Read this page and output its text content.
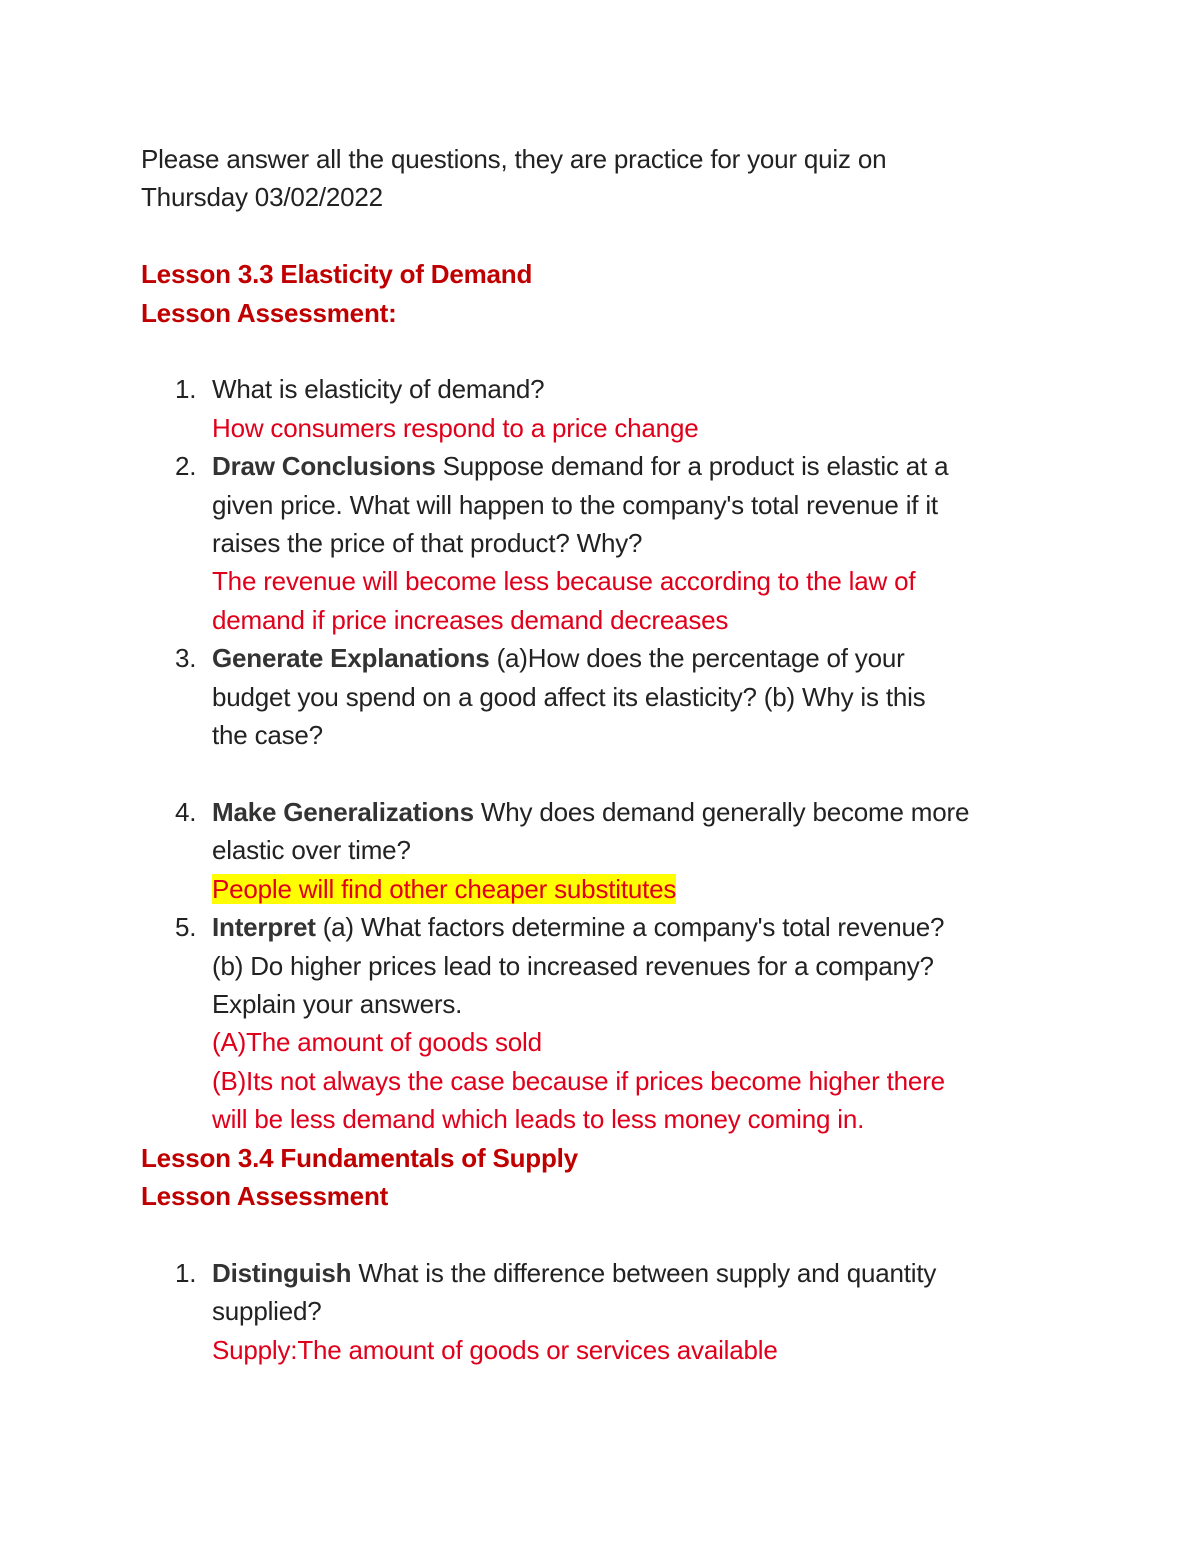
Please answer all the questions, they are practice for your quiz on
Thursday 03/02/2022

Lesson 3.3 Elasticity of Demand

Lesson Assessment:

1. What is elasticity of demand?
How consumers respond to a price change
2. Draw Conclusions Suppose demand for a product is elastic at a
given price. What will happen to the company's total revenue if it
raises the price of that product? Why?
The revenue will become less because according to the law of
demand if price increases demand decreases
3. Generate Explanations (a)How does the percentage of your
budget you spend on a good affect its elasticity? (b) Why is this
the case?

4. Make Generalizations Why does demand generally become more
elastic over time?
People will find other cheaper substitutes
5. Interpret (a) What factors determine a company's total revenue?
(b) Do higher prices lead to increased revenues for a company?
Explain your answers.
(A)The amount of goods sold
(B)Its not always the case because if prices become higher there
will be less demand which leads to less money coming in.

Lesson 3.4 Fundamentals of Supply

Lesson Assessment

1. Distinguish What is the difference between supply and quantity
supplied?
Supply:The amount of goods or services available
